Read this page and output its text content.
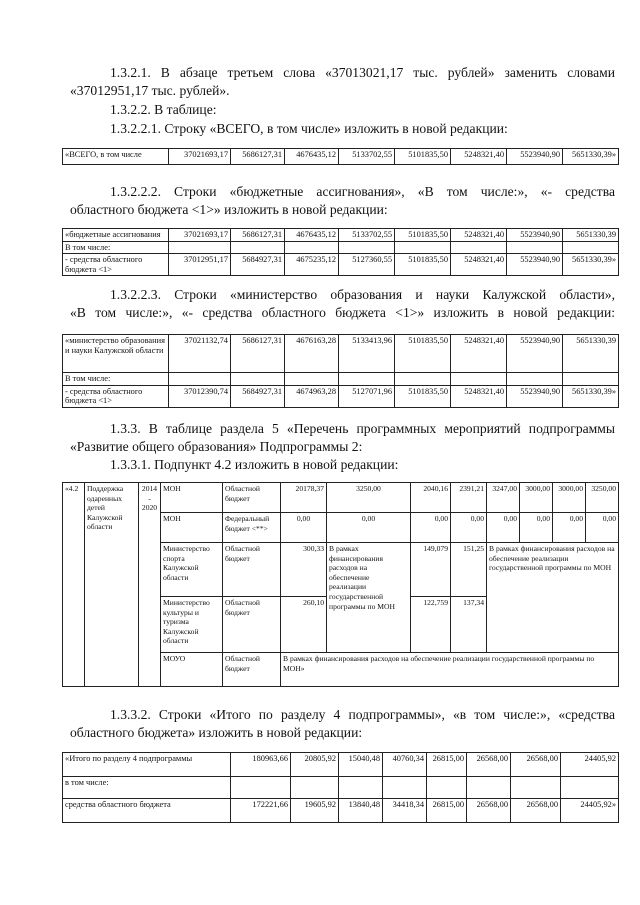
1.3.2.1. В абзаце третьем слова «37013021,17 тыс. рублей» заменить словами
«37012951,17 тыс. рублей».
1.3.2.2. В таблице:
1.3.2.2.1. Строку «ВСЕГО, в том числе» изложить в новой редакции:
«ВСЕГО, в том числе	37021693,17	5686127,31	4676435,12	5133702,55	5101835,50	5248321,40	5523940,90	5651330,39»
1.3.2.2.2. Строки «бюджетные ассигнования», «В том числе:», «- средства
областного бюджета <1>» изложить в новой редакции:
«бюджетные ассигнования	37021693,17	5686127,31	4676435,12	5133702,55	5101835,50	5248321,40	5523940,90	5651330,39
В том числе:								
- средства областного бюджета <1>	37012951,17	5684927,31	4675235,12	5127360,55	5101835,50	5248321,40	5523940,90	5651330,39»
1.3.2.2.3. Строки «министерство образования и науки Калужской области»,
«В том числе:», «- средства областного бюджета <1>» изложить в новой редакции:
«министерство образования и науки Калужской области	37021132,74	5686127,31	4676163,28	5133413,96	5101835,50	5248321,40	5523940,90	5651330,39
В том числе:								
- средства областного бюджета <1>	37012390,74	5684927,31	4674963,28	5127071,96	5101835,50	5248321,40	5523940,90	5651330,39»
1.3.3. В таблице раздела 5 «Перечень программных мероприятий подпрограммы
«Развитие общего образования» Подпрограммы 2:
1.3.3.1. Подпункт 4.2 изложить в новой редакции:
«4.2	Поддержка одаренных детей Калужской области	2014 - 2020	МОН	Областной бюджет	20178,37	3250,00	2040,16	2391,21	3247,00	3000,00	3000,00	3250,00
			МОН	Федеральный бюджет <**>	0,00	0,00	0,00	0,00	0,00	0,00	0,00	0,00
			Министерство спорта Калужской области	Областной бюджет	300,33	В рамках финансирования расходов на обеспечение реализации государственной программы по МОН	149,079	151,25	В рамках финансирования расходов на обеспечение реализации государственной программы по МОН			
			Министерство культуры и туризма Калужской области	Областной бюджет	260,10		122,759	137,34				
			МОУО	Областной бюджет	В рамках финансирования расходов на обеспечение реализации государственной программы по МОН»							
1.3.3.2. Строки «Итого по разделу 4 подпрограммы», «в том числе:», «средства
областного бюджета» изложить в новой редакции:
«Итого по разделу 4 подпрограммы	180963,66	20805,92	15040,48	40760,34	26815,00	26568,00	26568,00	24405,92
в том числе:								
средства областного бюджета	172221,66	19605,92	13840,48	34418,34	26815,00	26568,00	26568,00	24405,92»
